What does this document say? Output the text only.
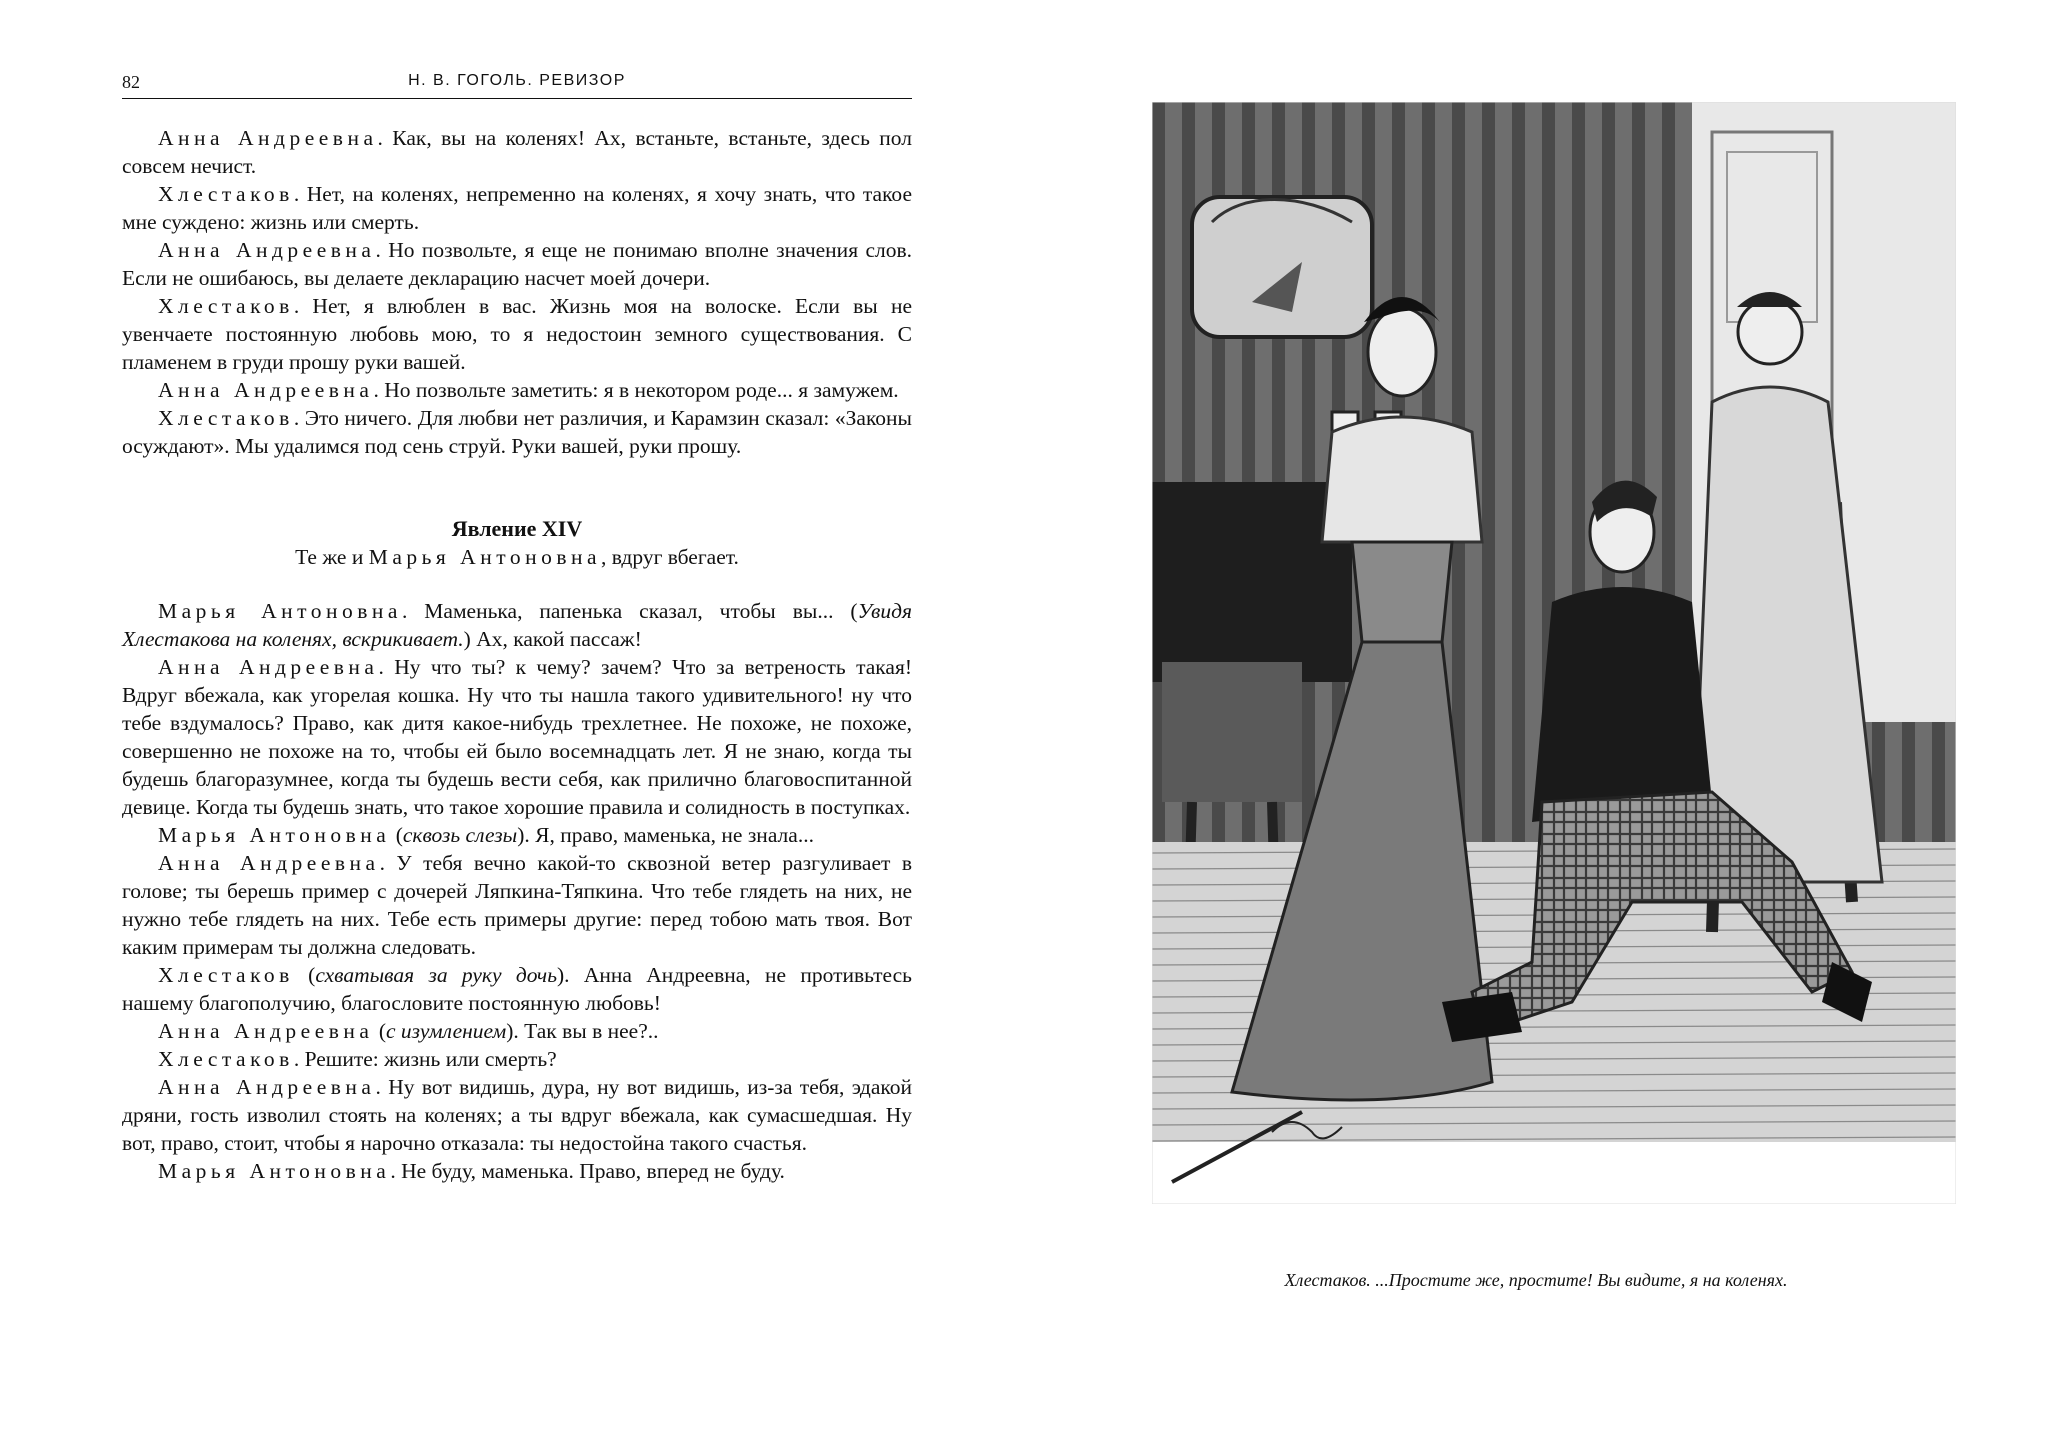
82	Н. В. ГОГОЛЬ. РЕВИЗОР

Анна Андреевна. Как, вы на коленях! Ах, встаньте, встаньте, здесь пол совсем нечист.

Хлестаков. Нет, на коленях, непременно на коленях, я хочу знать, что такое мне суждено: жизнь или смерть.

Анна Андреевна. Но позвольте, я еще не понимаю вполне значения слов. Если не ошибаюсь, вы делаете декларацию насчет моей дочери.

Хлестаков. Нет, я влюблен в вас. Жизнь моя на волоске. Если вы не увенчаете постоянную любовь мою, то я недостоин земного существования. С пламенем в груди прошу руки вашей.

Анна Андреевна. Но позвольте заметить: я в некотором роде... я замужем.

Хлестаков. Это ничего. Для любви нет различия, и Карамзин сказал: «Законы осуждают». Мы удалимся под сень струй. Руки вашей, руки прошу.

Явление XIV
Те же и Марья Антоновна, вдруг вбегает.

Марья Антоновна. Маменька, папенька сказал, чтобы вы... (Увидя Хлестакова на коленях, вскрикивает.) Ах, какой пассаж!

Анна Андреевна. Ну что ты? к чему? зачем? Что за ветреность такая! Вдруг вбежала, как угорелая кошка. Ну что ты нашла такого удивительного! ну что тебе вздумалось? Право, как дитя какое-нибудь трехлетнее. Не похоже, не похоже, совершенно не похоже на то, чтобы ей было восемнадцать лет. Я не знаю, когда ты будешь благоразумнее, когда ты будешь вести себя, как прилично благовоспитанной девице. Когда ты будешь знать, что такое хорошие правила и солидность в поступках.

Марья Антоновна (сквозь слезы). Я, право, маменька, не знала...

Анна Андреевна. У тебя вечно какой-то сквозной ветер разгуливает в голове; ты берешь пример с дочерей Ляпкина-Тяпкина. Что тебе глядеть на них, не нужно тебе глядеть на них. Тебе есть примеры другие: перед тобою мать твоя. Вот каким примерам ты должна следовать.

Хлестаков (схватывая за руку дочь). Анна Андреевна, не противьтесь нашему благополучию, благословите постоянную любовь!

Анна Андреевна (с изумлением). Так вы в нее?..

Хлестаков. Решите: жизнь или смерть?

Анна Андреевна. Ну вот видишь, дура, ну вот видишь, из-за тебя, эдакой дряни, гость изволил стоять на коленях; а ты вдруг вбежала, как сумасшедшая. Ну вот, право, стоит, чтобы я нарочно отказала: ты недостойна такого счастья.

Марья Антоновна. Не буду, маменька. Право, вперед не буду.

Хлестаков. ...Простите же, простите! Вы видите, я на коленях.
